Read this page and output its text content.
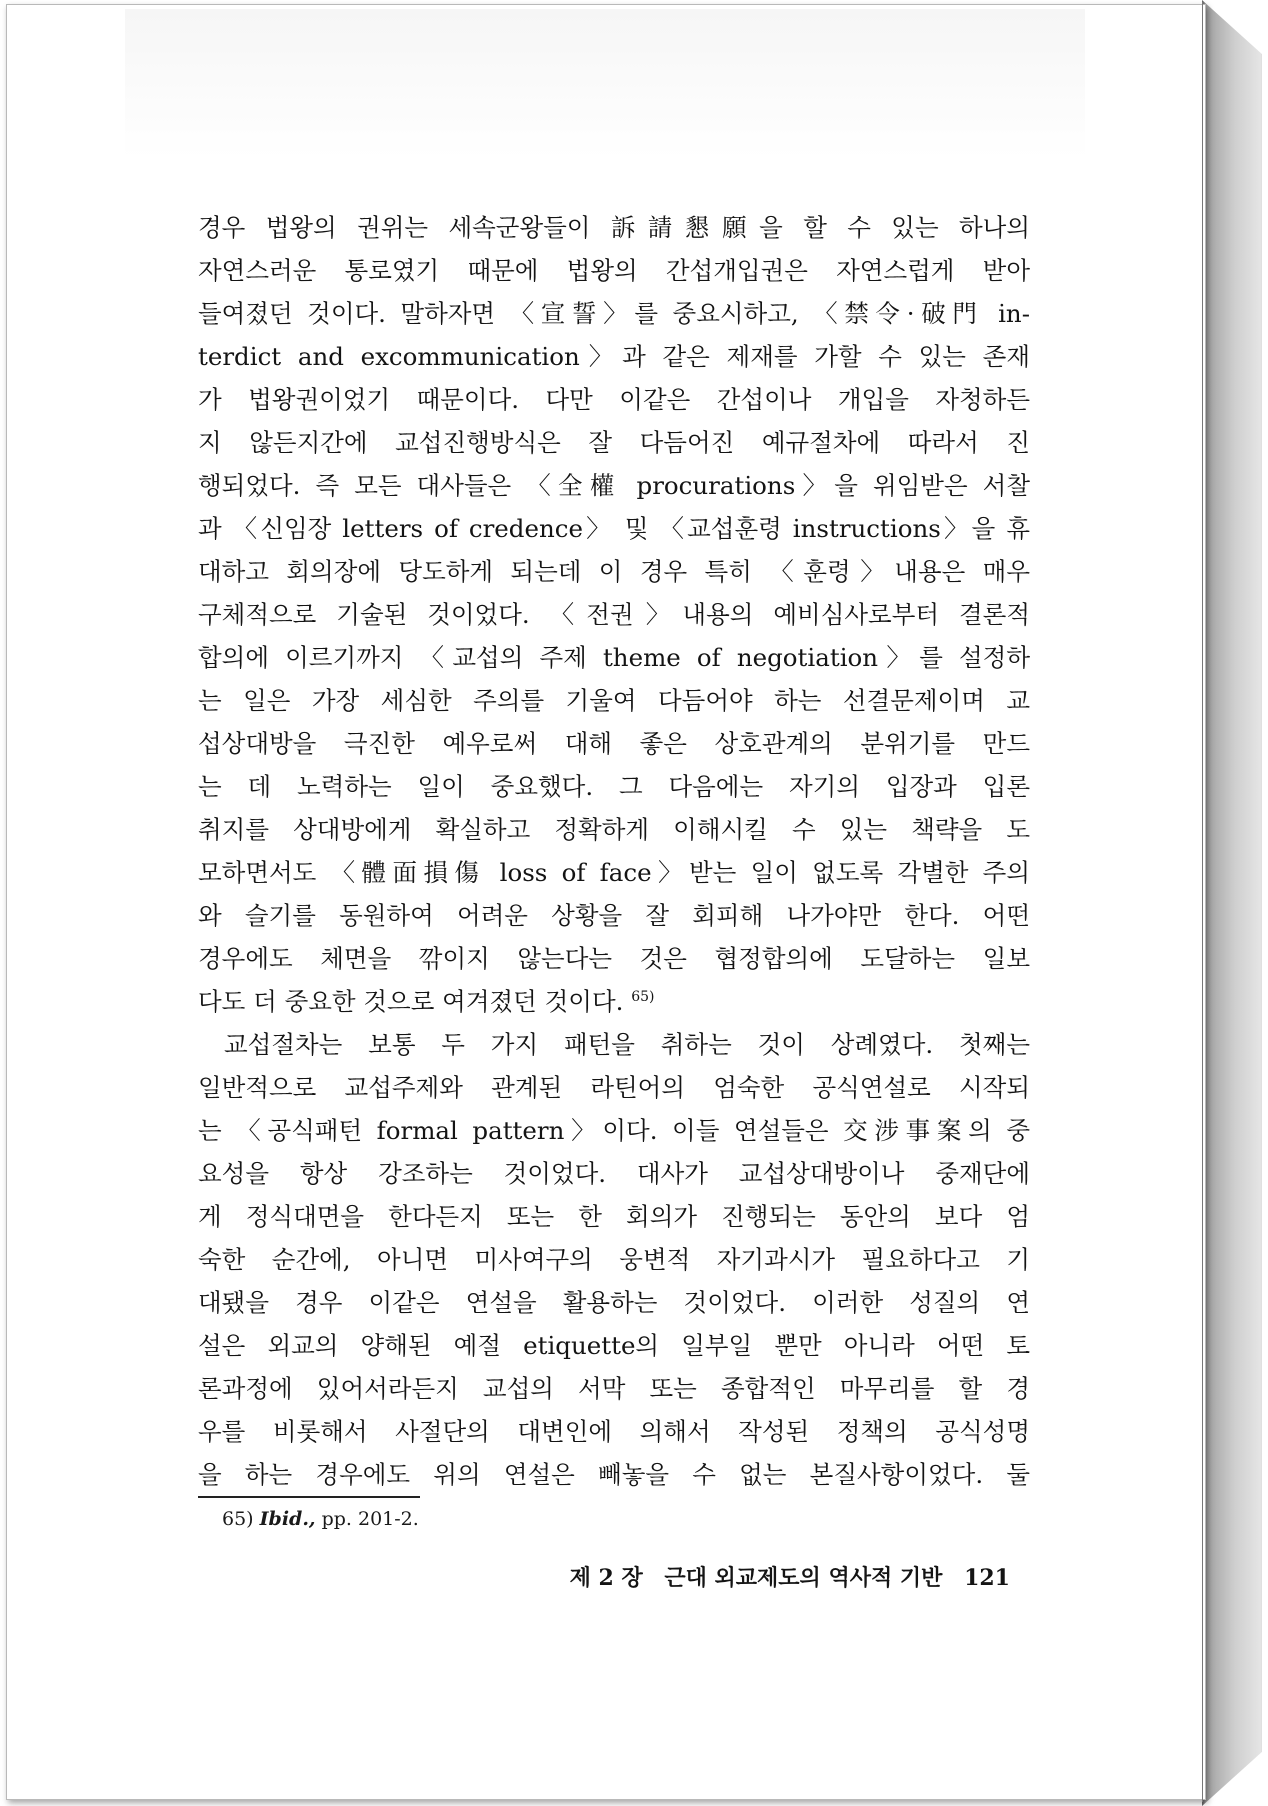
경우 법왕의 권위는 세속군왕들이 訴請懇願을 할 수 있는 하나의
자연스러운 통로였기 때문에 법왕의 간섭개입권은 자연스럽게 받아
들여졌던 것이다. 말하자면 〈宣誓〉를 중요시하고, 〈禁令·破門 in-
terdict and excommunication〉과 같은 제재를 가할 수 있는 존재
가 법왕권이었기 때문이다. 다만 이같은 간섭이나 개입을 자청하든
지 않든지간에 교섭진행방식은 잘 다듬어진 예규절차에 따라서 진
행되었다. 즉 모든 대사들은 〈全權 procurations〉을 위임받은 서찰
과 〈신임장 letters of credence〉 및 〈교섭훈령 instructions〉을 휴
대하고 회의장에 당도하게 되는데 이 경우 특히 〈훈령〉내용은 매우
구체적으로 기술된 것이었다. 〈전권〉내용의 예비심사로부터 결론적
합의에 이르기까지 〈교섭의 주제 theme of negotiation〉를 설정하
는 일은 가장 세심한 주의를 기울여 다듬어야 하는 선결문제이며 교
섭상대방을 극진한 예우로써 대해 좋은 상호관계의 분위기를 만드
는 데 노력하는 일이 중요했다. 그 다음에는 자기의 입장과 입론
취지를 상대방에게 확실하고 정확하게 이해시킬 수 있는 책략을 도
모하면서도 〈體面損傷 loss of face〉받는 일이 없도록 각별한 주의
와 슬기를 동원하여 어려운 상황을 잘 회피해 나가야만 한다. 어떤
경우에도 체면을 깎이지 않는다는 것은 협정합의에 도달하는 일보
다도 더 중요한 것으로 여겨졌던 것이다. $^{65)}$
교섭절차는 보통 두 가지 패턴을 취하는 것이 상례였다. 첫째는
일반적으로 교섭주제와 관계된 라틴어의 엄숙한 공식연설로 시작되
는 〈공식패턴 formal pattern〉이다. 이들 연설들은 交涉事案의 중
요성을 항상 강조하는 것이었다. 대사가 교섭상대방이나 중재단에
게 정식대면을 한다든지 또는 한 회의가 진행되는 동안의 보다 엄
숙한 순간에, 아니면 미사여구의 웅변적 자기과시가 필요하다고 기
대됐을 경우 이같은 연설을 활용하는 것이었다. 이러한 성질의 연
설은 외교의 양해된 예절 etiquette의 일부일 뿐만 아니라 어떤 토
론과정에 있어서라든지 교섭의 서막 또는 종합적인 마무리를 할 경
우를 비롯해서 사절단의 대변인에 의해서 작성된 정책의 공식성명
을 하는 경우에도 위의 연설은 빼놓을 수 없는 본질사항이었다. 둘
65) Ibid., pp. 201-2.
제 2 장 근대 외교제도의 역사적 기반 121
